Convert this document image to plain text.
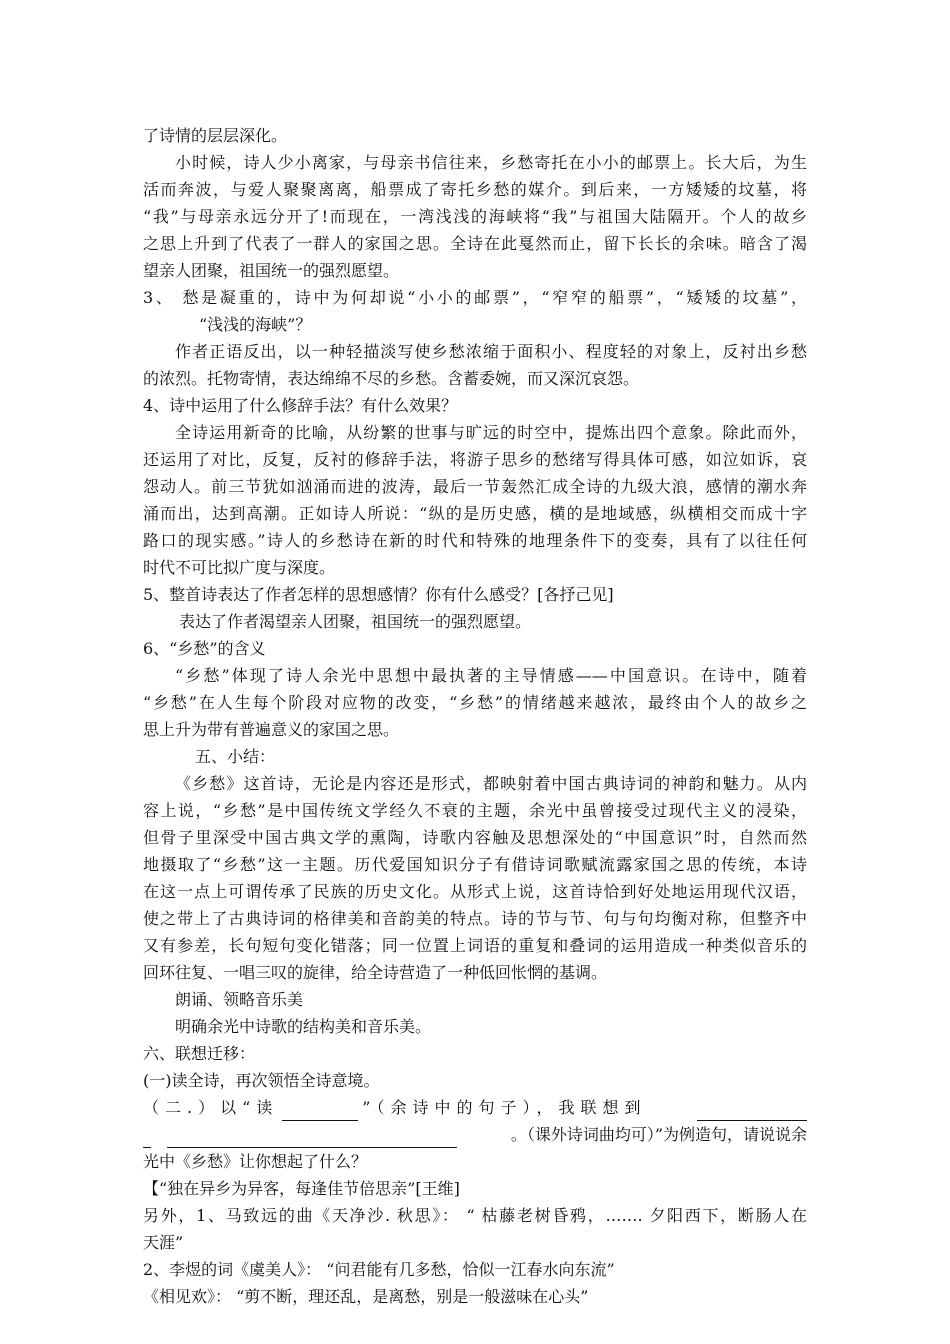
了诗情的层层深化。
小时候，诗人少小离家，与母亲书信往来，乡愁寄托在小小的邮票上。长大后，为生
活而奔波，与爱人聚聚离离，船票成了寄托乡愁的媒介。到后来，一方矮矮的坟墓，将
“我”与母亲永远分开了!而现在，一湾浅浅的海峡将“我”与祖国大陆隔开。个人的故乡
之思上升到了代表了一群人的家国之思。全诗在此戛然而止，留下长长的余味。暗含了渴
望亲人团聚，祖国统一的强烈愿望。
3、 愁是凝重的，诗中为何却说“小小的邮票”，“窄窄的船票”，“矮矮的坟墓”，
“浅浅的海峡”？
作者正语反出，以一种轻描淡写使乡愁浓缩于面积小、程度轻的对象上，反衬出乡愁
的浓烈。托物寄情，表达绵绵不尽的乡愁。含蓄委婉，而又深沉哀怨。
4、诗中运用了什么修辞手法？有什么效果？
全诗运用新奇的比喻，从纷繁的世事与旷远的时空中，提炼出四个意象。除此而外，
还运用了对比，反复，反衬的修辞手法，将游子思乡的愁绪写得具体可感，如泣如诉，哀
怨动人。前三节犹如汹涌而进的波涛，最后一节轰然汇成全诗的九级大浪，感情的潮水奔
涌而出，达到高潮。正如诗人所说：“纵的是历史感，横的是地域感，纵横相交而成十字
路口的现实感。”诗人的乡愁诗在新的时代和特殊的地理条件下的变奏，具有了以往任何
时代不可比拟广度与深度。
5、整首诗表达了作者怎样的思想感情？你有什么感受？[各抒己见]
表达了作者渴望亲人团聚，祖国统一的强烈愿望。
6、“乡愁”的含义
“乡愁”体现了诗人余光中思想中最执著的主导情感——中国意识。在诗中，随着
“乡愁”在人生每个阶段对应物的改变，“乡愁”的情绪越来越浓，最终由个人的故乡之
思上升为带有普遍意义的家国之思。
五、小结：
《乡愁》这首诗，无论是内容还是形式，都映射着中国古典诗词的神韵和魅力。从内
容上说，“乡愁”是中国传统文学经久不衰的主题，余光中虽曾接受过现代主义的浸染，
但骨子里深受中国古典文学的熏陶，诗歌内容触及思想深处的“中国意识”时，自然而然
地摄取了“乡愁”这一主题。历代爱国知识分子有借诗词歌赋流露家国之思的传统，本诗
在这一点上可谓传承了民族的历史文化。从形式上说，这首诗恰到好处地运用现代汉语，
使之带上了古典诗词的格律美和音韵美的特点。诗的节与节、句与句均衡对称，但整齐中
又有参差，长句短句变化错落；同一位置上词语的重复和叠词的运用造成一种类似音乐的
回环往复、一唱三叹的旋律，给全诗营造了一种低回怅惘的基调。
朗诵、领略音乐美
明确余光中诗歌的结构美和音乐美。
六、联想迁移：
(一)读全诗，再次领悟全诗意境。
（二.）以“读	”（余诗中的句子），我联想到
。（课外诗词曲均可）”为例造句，请说说余
光中《乡愁》让你想起了什么？
【“独在异乡为异客，每逢佳节倍思亲”[王维]
另外，1、马致远的曲《天净沙. 秋思》： “ 枯藤老树昏鸦，……. 夕阳西下，断肠人在
天涯”
2、李煜的词《虞美人》： “问君能有几多愁，恰似一江春水向东流”
《相见欢》： “剪不断，理还乱，是离愁，别是一般滋味在心头”
